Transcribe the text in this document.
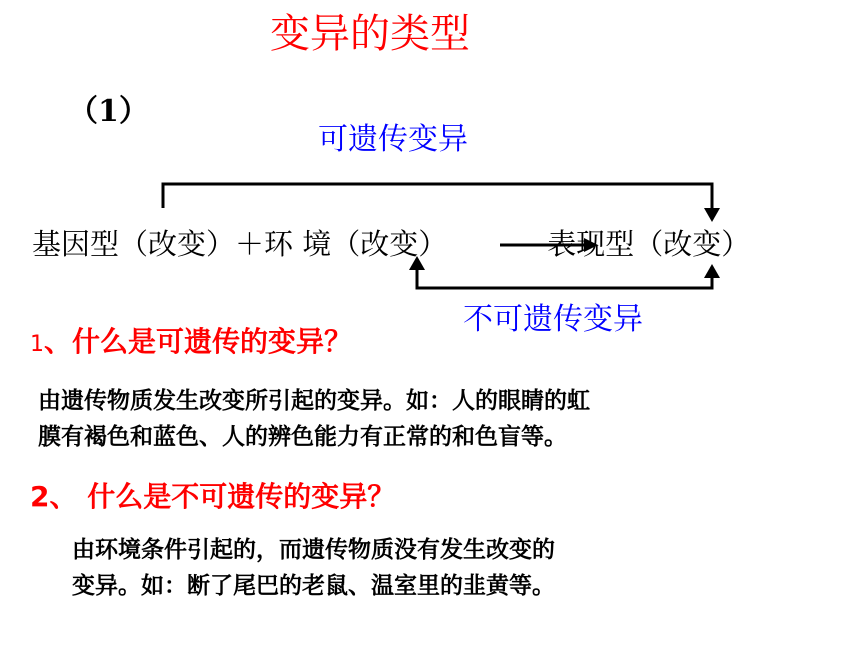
变异的类型
（1）
可遗传变异
基因型（改变）＋环 境（改变）	表现型（改变）
不可遗传变异
1、什么是可遗传的变异？
由遗传物质发生改变所引起的变异。如：人的眼睛的虹
膜有褐色和蓝色、人的辨色能力有正常的和色盲等。
2、 什么是不可遗传的变异？
由环境条件引起的，而遗传物质没有发生改变的
变异。如：断了尾巴的老鼠、温室里的韭黄等。
